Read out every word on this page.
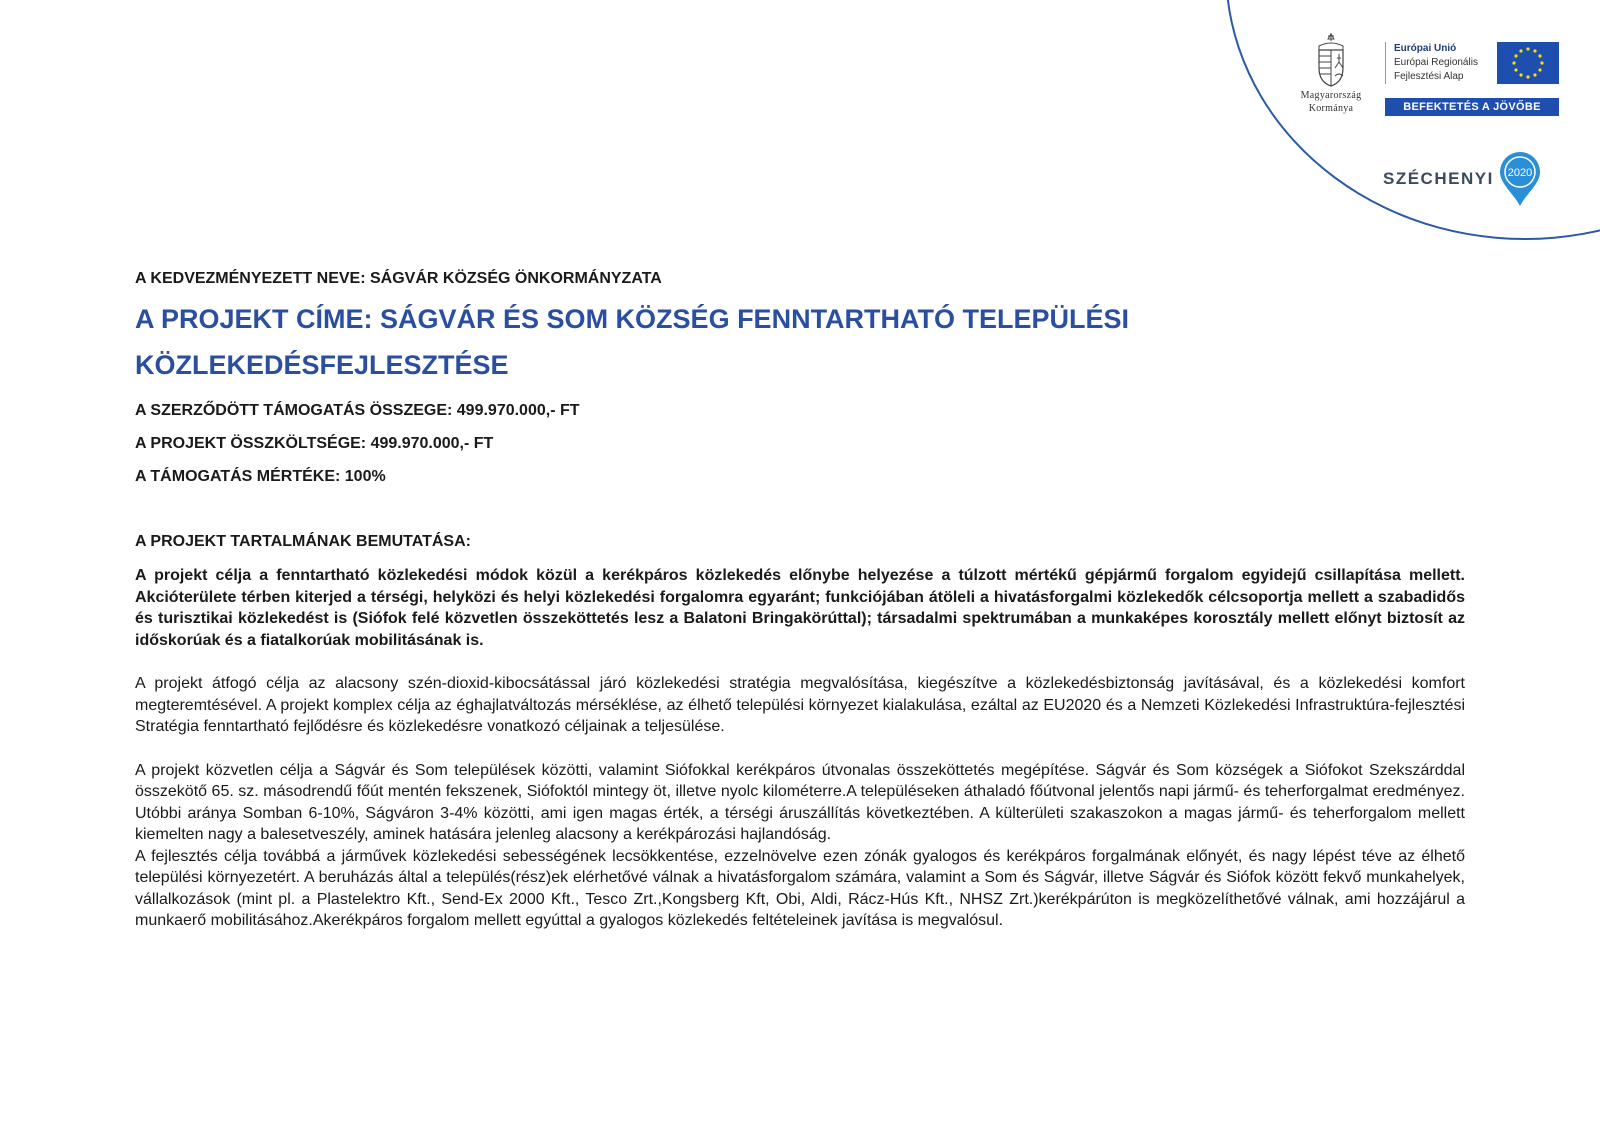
Magyarország
Kormánya
Európai Unió
Európai Regionális
Fejlesztési Alap
BEFEKTETÉS A JÖVŐBE
SZÉCHENYI 2020
A KEDVEZMÉNYEZETT NEVE: SÁGVÁR KÖZSÉG ÖNKORMÁNYZATA
A PROJEKT CÍME: SÁGVÁR ÉS SOM KÖZSÉG FENNTARTHATÓ TELEPÜLÉSI
KÖZLEKEDÉSFEJLESZTÉSE
A SZERZŐDÖTT TÁMOGATÁS ÖSSZEGE: 499.970.000,- FT
A PROJEKT ÖSSZKÖLTSÉGE: 499.970.000,- FT
A TÁMOGATÁS MÉRTÉKE: 100%
A PROJEKT TARTALMÁNAK BEMUTATÁSA:

A projekt célja a fenntartható közlekedési módok közül a kerékpáros közlekedés előnybe helyezése a túlzott mértékű gépjármű forgalom egyidejű csillapítása mellett. Akcióterülete térben kiterjed a térségi, helyközi és helyi közlekedési forgalomra egyaránt; funkciójában átöleli a hivatásforgalmi közlekedők célcsoportja mellett a szabadidős és turisztikai közlekedést is (Siófok felé közvetlen összeköttetés lesz a Balatoni Bringakörúttal); társadalmi spektrumában a munkaképes korosztály mellett előnyt biztosít az időskorúak és a fiatalkorúak mobilitásának is.

A projekt átfogó célja az alacsony szén-dioxid-kibocsátással járó közlekedési stratégia megvalósítása, kiegészítve a közlekedésbiztonság javításával, és a közlekedési komfort megteremtésével. A projekt komplex célja az éghajlatváltozás mérséklése, az élhető települési környezet kialakulása, ezáltal az EU2020 és a Nemzeti Közlekedési Infrastruktúra-fejlesztési Stratégia fenntartható fejlődésre és közlekedésre vonatkozó céljainak a teljesülése.

A projekt közvetlen célja a Ságvár és Som települések közötti, valamint Siófokkal kerékpáros útvonalas összeköttetés megépítése. Ságvár és Som községek a Siófokot Szekszárddal összekötő 65. sz. másodrendű főút mentén fekszenek, Siófoktól mintegy öt, illetve nyolc kilométerre.A településeken áthaladó főútvonal jelentős napi jármű- és teherforgalmat eredményez. Utóbbi aránya Somban 6-10%, Ságváron 3-4% közötti, ami igen magas érték, a térségi áruszállítás következtében. A külterületi szakaszokon a magas jármű- és teherforgalom mellett kiemelten nagy a balesetveszély, aminek hatására jelenleg alacsony a kerékpározási hajlandóság.

A fejlesztés célja továbbá a járművek közlekedési sebességének lecsökkentése, ezzelnövelve ezen zónák gyalogos és kerékpáros forgalmának előnyét, és nagy lépést téve az élhető települési környezetért. A beruházás által a település(rész)ek elérhetővé válnak a hivatásforgalom számára, valamint a Som és Ságvár, illetve Ságvár és Siófok között fekvő munkahelyek, vállalkozások (mint pl. a Plastelektro Kft., Send-Ex 2000 Kft., Tesco Zrt.,Kongsberg Kft, Obi, Aldi, Rácz-Hús Kft., NHSZ Zrt.)kerékpárúton is megközelíthetővé válnak, ami hozzájárul a munkaerő mobilitásához.Akerékpáros forgalom mellett egyúttal a gyalogos közlekedés feltételeinek javítása is megvalósul.
